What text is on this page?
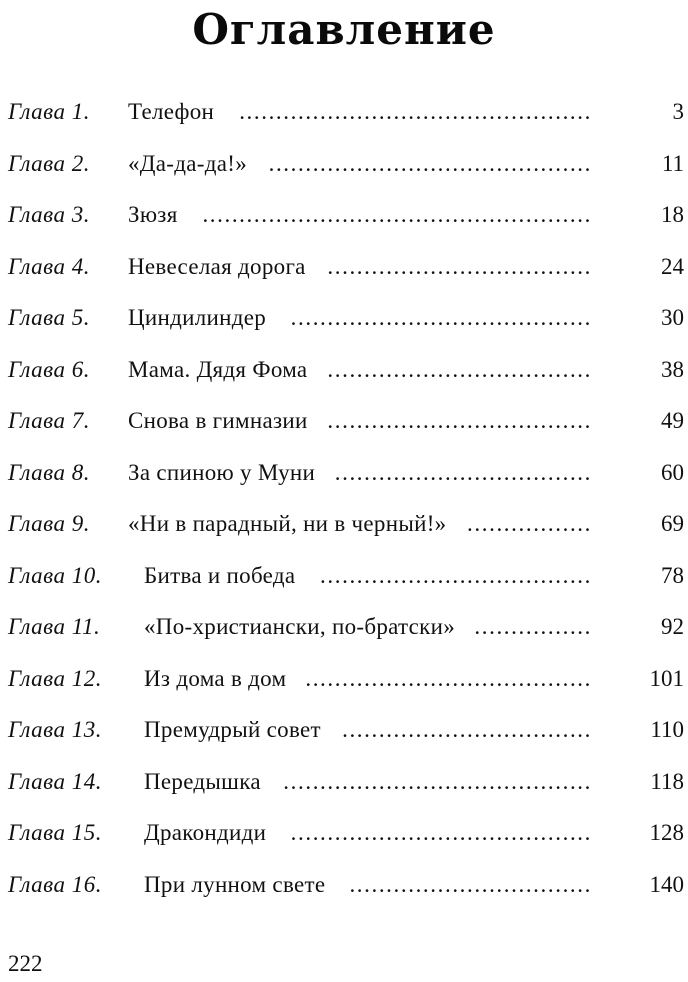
Оглавление
Глава 1. Телефон	................................................	3
Глава 2. «Да-да-да!» ............................................	11
Глава 3. Зюзя	.....................................................	18
Глава 4. Невеселая дорога ....................................	24
Глава 5. Циндилиндер	.........................................	30
Глава 6. Мама. Дядя Фома ....................................	38
Глава 7. Снова в гимназии ....................................	49
Глава 8. За спиною у Муни ...................................	60
Глава 9. «Ни в парадный, ни в черный!» .................	69
Глава 10. Битва и победа	.....................................	78
Глава 11. «По-христиански, по-братски» ................	92
Глава 12. Из дома в дом .......................................	101
Глава 13. Премудрый совет ..................................	110
Глава 14. Передышка ..........................................	118
Глава 15. Дракондиди	.........................................	128
Глава 16. При лунном свете	.................................	140
222
